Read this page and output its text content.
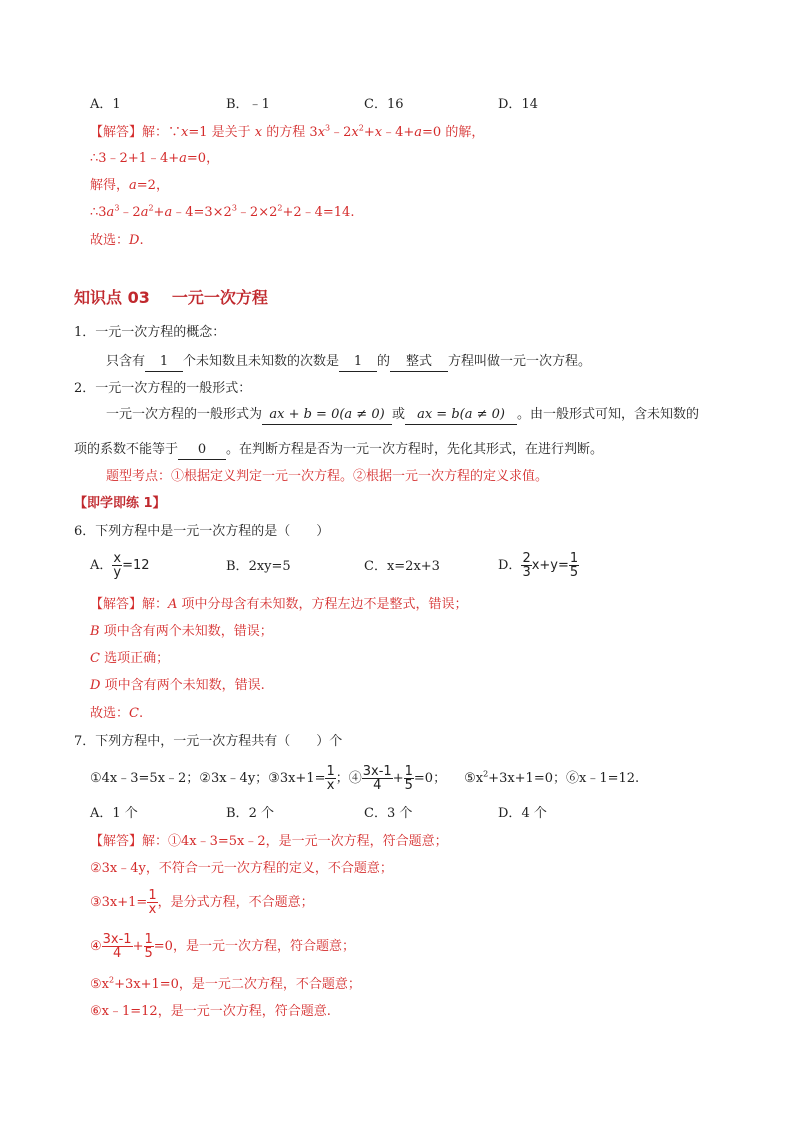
A．1	B．﹣1	C．16	D．14
【解答】解：∵x=1 是关于 x 的方程 $3x^3﹣2x^2+x﹣4+a=0$ 的解，
∴3﹣2+1﹣4+a=0，
解得，a=2，
$\therefore 3a^3﹣2a^2+a﹣4=3\times 2^3﹣2\times 2^2+2﹣4=14$.
故选：D.
知识点 03 一元一次方程
1．一元一次方程的概念：
只含有 1 个未知数且未知数的次数是 1 的 整式 方程叫做一元一次方程。
2．一元一次方程的一般形式：
一元一次方程的一般形式为 ax + b = 0(a ≠ 0) 或 ax = b(a ≠ 0) 。由一般形式可知，含未知数的
项的系数不能等于 0 。在判断方程是否为一元一次方程时，先化其形式，在进行判断。
题型考点：①根据定义判定一元一次方程。②根据一元一次方程的定义求值。
【即学即练 1】
6．下列方程中是一元一次方程的是（　　）
A． $\frac{x}{y} =12$	B．2xy=5	C．x=2x+3	D． $\frac{2}{3} x+y= \frac{1}{5}$
【解答】解：A 项中分母含有未知数，方程左边不是整式，错误；
B 项中含有两个未知数，错误；
C 选项正确；
D 项中含有两个未知数，错误.
故选：C.
7．下列方程中，一元一次方程共有（　　）个
①4x﹣3=5x﹣2；②3x﹣4y；③3x+1= $\frac{1}{x}$ ；④ $\frac{3x-1}{4} + \frac{1}{5} =0$； $⑤x^2+3x+1=0$；⑥x﹣1=12.
A．1 个	B．2 个	C．3 个	D．4 个
【解答】解：①4x﹣3=5x﹣2，是一元一次方程，符合题意；
②3x﹣4y，不符合一元一次方程的定义，不合题意；
③3x+1= $\frac{1}{x}$ ，是分式方程，不合题意；
④ $\frac{3x-1}{4} + \frac{1}{5} =0$，是一元一次方程，符合题意；
$⑤x^2+3x+1=0$，是一元二次方程，不合题意；
⑥x﹣1=12，是一元一次方程，符合题意.
